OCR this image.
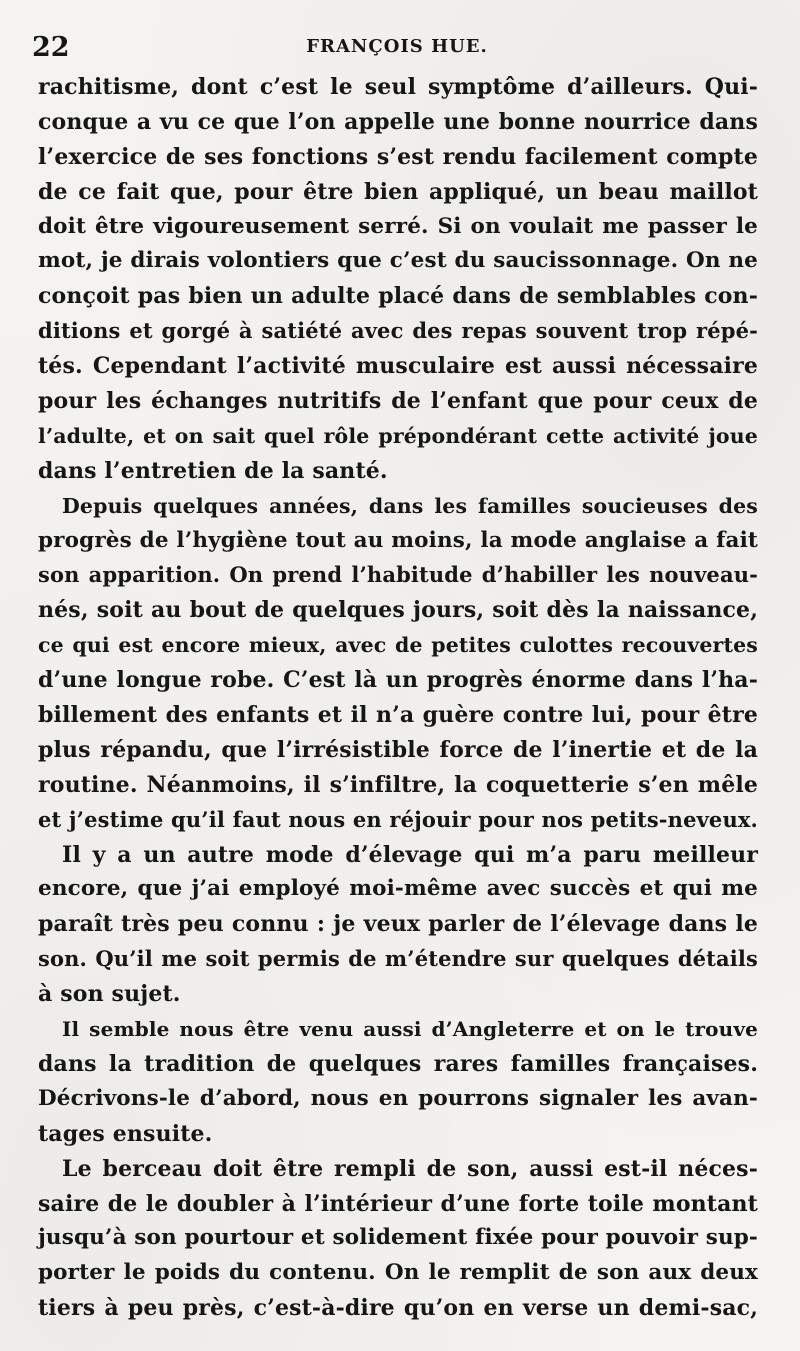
22	FRANÇOIS HUE.
rachitisme, dont c’est le seul symptôme d’ailleurs. Qui-
conque a vu ce que l’on appelle une bonne nourrice dans
l’exercice de ses fonctions s’est rendu facilement compte
de ce fait que, pour être bien appliqué, un beau maillot
doit être vigoureusement serré. Si on voulait me passer le
mot, je dirais volontiers que c’est du saucissonnage. On ne
conçoit pas bien un adulte placé dans de semblables con-
ditions et gorgé à satiété avec des repas souvent trop répé-
tés. Cependant l’activité musculaire est aussi nécessaire
pour les échanges nutritifs de l’enfant que pour ceux de
l’adulte, et on sait quel rôle prépondérant cette activité joue
dans l’entretien de la santé.
Depuis quelques années, dans les familles soucieuses des
progrès de l’hygiène tout au moins, la mode anglaise a fait
son apparition. On prend l’habitude d’habiller les nouveau-
nés, soit au bout de quelques jours, soit dès la naissance,
ce qui est encore mieux, avec de petites culottes recouvertes
d’une longue robe. C’est là un progrès énorme dans l’ha-
billement des enfants et il n’a guère contre lui, pour être
plus répandu, que l’irrésistible force de l’inertie et de la
routine. Néanmoins, il s’infiltre, la coquetterie s’en mêle
et j’estime qu’il faut nous en réjouir pour nos petits-neveux.
Il y a un autre mode d’élevage qui m’a paru meilleur
encore, que j’ai employé moi-même avec succès et qui me
paraît très peu connu : je veux parler de l’élevage dans le
son. Qu’il me soit permis de m’étendre sur quelques détails
à son sujet.
Il semble nous être venu aussi d’Angleterre et on le trouve
dans la tradition de quelques rares familles françaises.
Décrivons-le d’abord, nous en pourrons signaler les avan-
tages ensuite.
Le berceau doit être rempli de son, aussi est-il néces-
saire de le doubler à l’intérieur d’une forte toile montant
jusqu’à son pourtour et solidement fixée pour pouvoir sup-
porter le poids du contenu. On le remplit de son aux deux
tiers à peu près, c’est-à-dire qu’on en verse un demi-sac,
